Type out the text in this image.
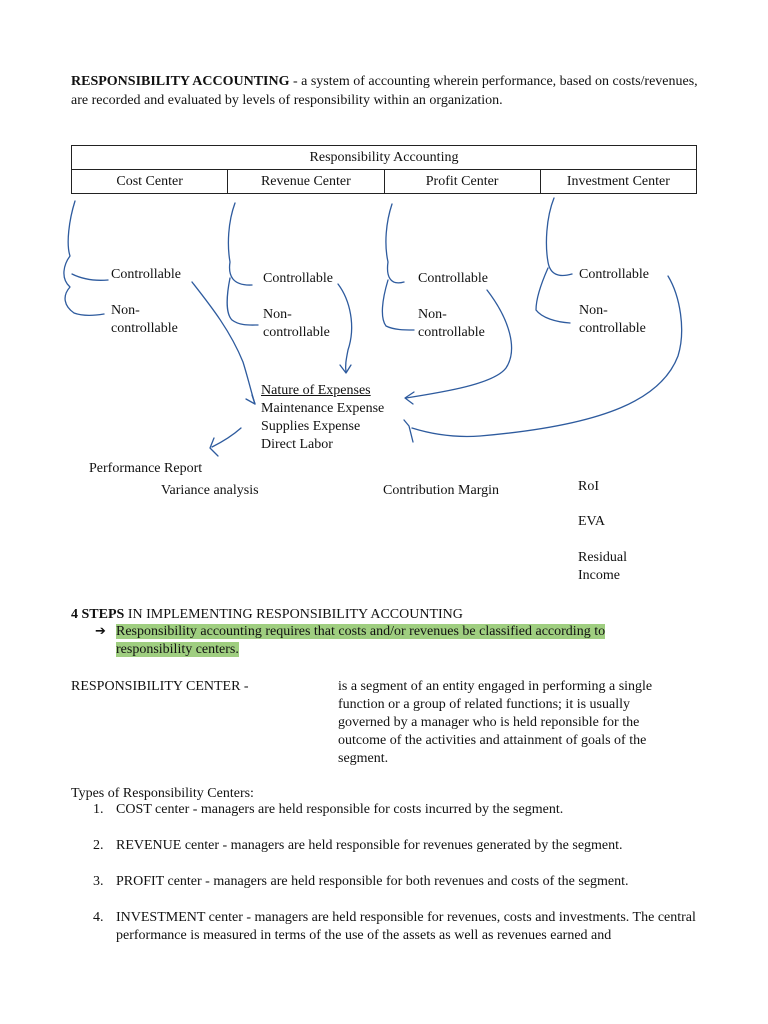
RESPONSIBILITY ACCOUNTING - a system of accounting wherein performance, based on costs/revenues, are recorded and evaluated by levels of responsibility within an organization.
Responsibility Accounting
Cost Center	Revenue Center	Profit Center	Investment Center
Controllable
Non-
controllable
Controllable
Non-
controllable
Controllable
Non-
controllable
Controllable
Non-
controllable
Nature of Expenses
Maintenance Expense
Supplies Expense
Direct Labor
Performance Report
Variance analysis	Contribution Margin	RoI
EVA
Residual
Income
4 STEPS IN IMPLEMENTING RESPONSIBILITY ACCOUNTING
➔ Responsibility accounting requires that costs and/or revenues be classified according to
responsibility centers.
RESPONSIBILITY CENTER -	is a segment of an entity engaged in performing a single function or a group of related functions; it is usually governed by a manager who is held reponsible for the outcome of the activities and attainment of goals of the segment.
Types of Responsibility Centers:
1. COST center - managers are held responsible for costs incurred by the segment.
2. REVENUE center - managers are held responsible for revenues generated by the segment.
3. PROFIT center - managers are held responsible for both revenues and costs of the segment.
4. INVESTMENT center - managers are held responsible for revenues, costs and investments. The central performance is measured in terms of the use of the assets as well as revenues earned and
